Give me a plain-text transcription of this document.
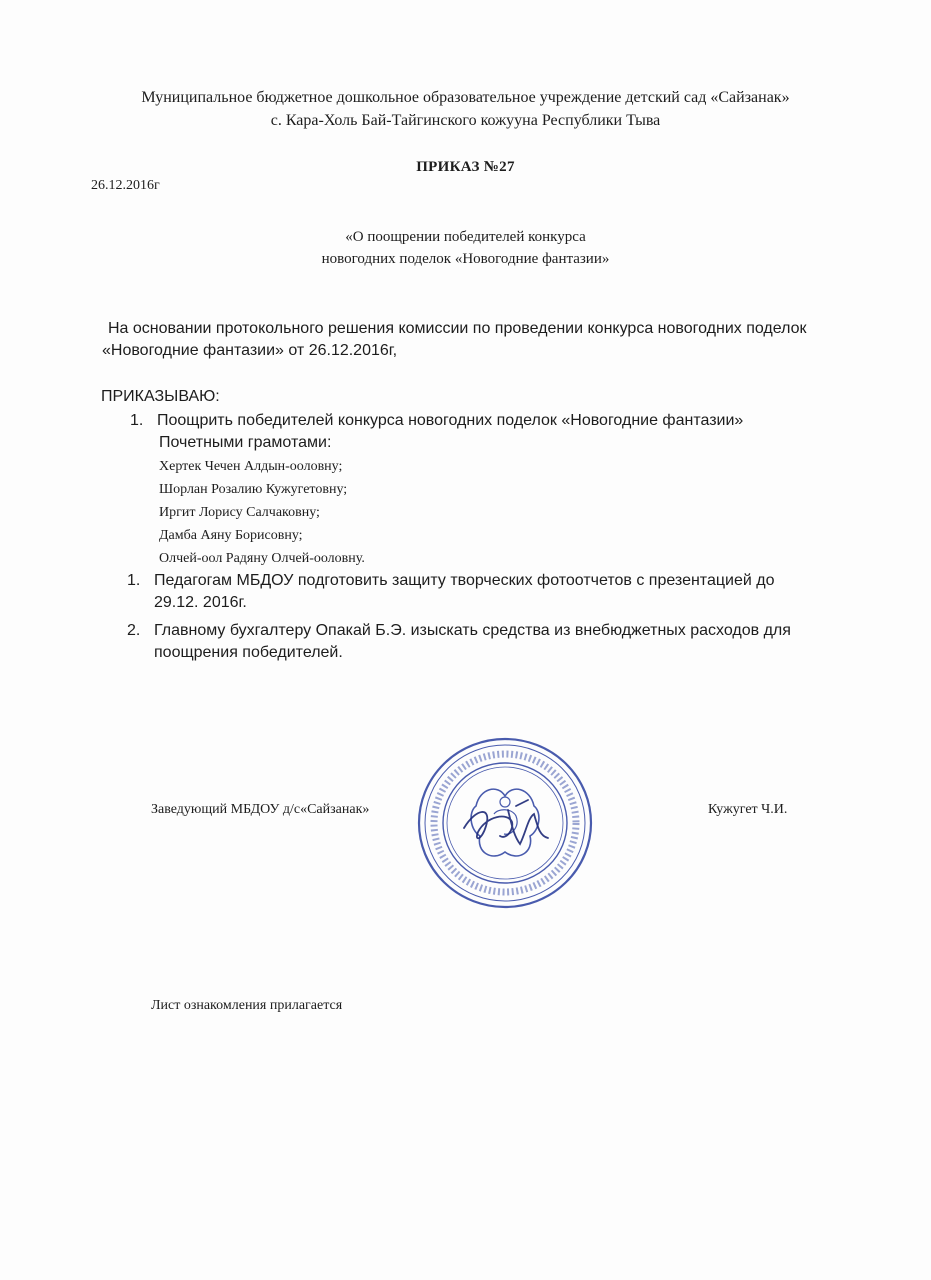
Муниципальное бюджетное дошкольное образовательное учреждение детский сад «Сайзанак»
с. Кара-Холь Бай-Тайгинского кожууна Республики Тыва
ПРИКАЗ №27
26.12.2016г
«О поощрении победителей конкурса
новогодних поделок «Новогодние фантазии»
На основании протокольного решения комиссии по проведении конкурса новогодних поделок
«Новогодние фантазии» от 26.12.2016г,
ПРИКАЗЫВАЮ:
1. Поощрить победителей конкурса новогодних поделок «Новогодние фантазии»
Почетными грамотами:
Хертек Чечен Алдын-ооловну;
Шорлан Розалию Кужугетовну;
Иргит Лорису Салчаковну;
Дамба Аяну Борисовну;
Олчей-оол Радяну Олчей-ооловну.
1. Педагогам МБДОУ подготовить защиту творческих фотоотчетов с презентацией до
29.12. 2016г.
2. Главному бухгалтеру Опакай Б.Э. изыскать средства из внебюджетных расходов для
поощрения победителей.
Заведующий МБДОУ д/с«Сайзанак»	Кужугет Ч.И.
Лист ознакомления прилагается
